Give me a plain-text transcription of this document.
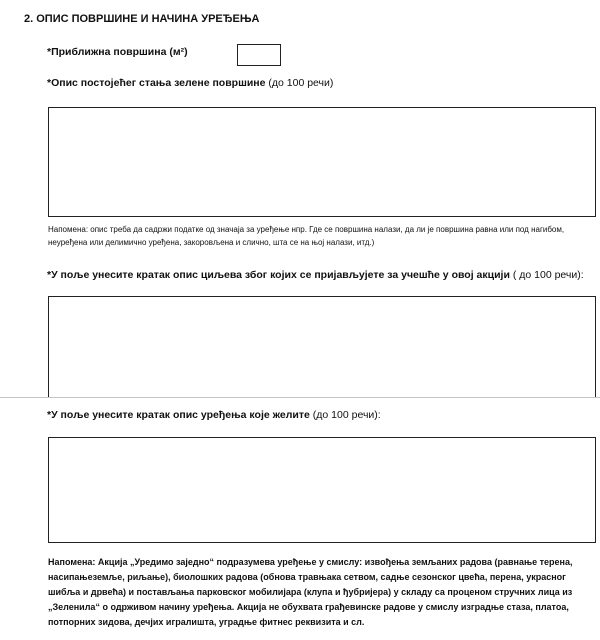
2. ОПИС ПОВРШИНЕ И НАЧИНА УРЕЂЕЊА
*Приближна површина (м²)
*Опис постојећег стања зелене површине (до 100 речи)
Напомена: опис треба да садржи податке од значаја за уређење нпр. Где се површина налази, да ли је површина равна или под нагибом, неуређена или делимично уређена, закоровљена и слично, шта се на њој налази, итд.)
*У поље унесите кратак опис циљева због којих се пријављујете за учешће у овој акцији ( до 100 речи):
*У поље унесите кратак опис уређења које желите (до 100 речи):
Напомена: Акција „Уредимо заједно“ подразумева уређење у смислу: извођења земљаних радова (равнање терена, насипањеземље, риљање), биолошких радова (обнова травњака сетвом, садње сезонског цвећа, перена, украсног шибља и дрвећа) и постављања парковског мобилијара (клупа и ђубријера) у складу са проценом стручних лица из „Зеленила“ о одрживом начину уређења. Акција не обухвата грађевинске радове у смислу изградње стаза, платоа, потпорних зидова, дечјих игралишта, уградње фитнес реквизита и сл.
